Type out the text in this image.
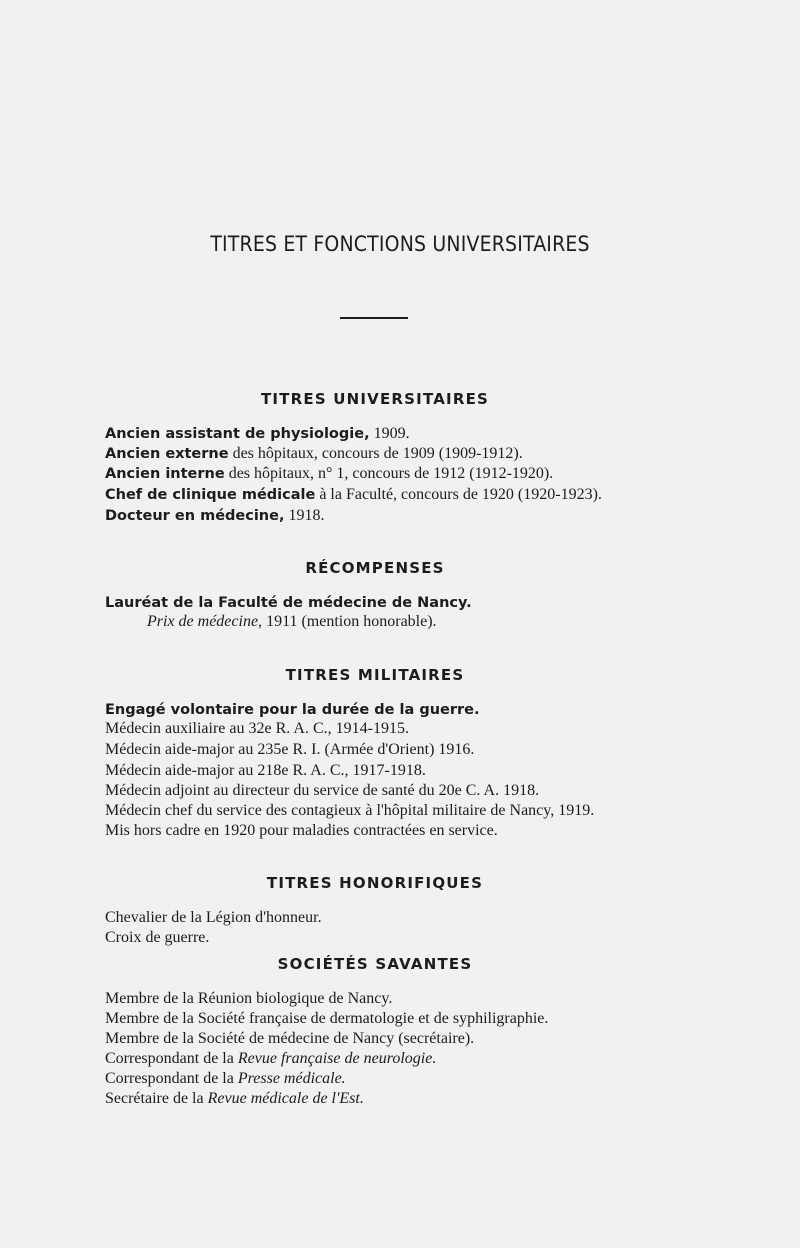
TITRES ET FONCTIONS UNIVERSITAIRES
TITRES UNIVERSITAIRES
Ancien assistant de physiologie, 1909.
Ancien externe des hôpitaux, concours de 1909 (1909-1912).
Ancien interne des hôpitaux, n° 1, concours de 1912 (1912-1920).
Chef de clinique médicale à la Faculté, concours de 1920 (1920-1923).
Docteur en médecine, 1918.
RÉCOMPENSES
Lauréat de la Faculté de médecine de Nancy.
Prix de médecine, 1911 (mention honorable).
TITRES MILITAIRES
Engagé volontaire pour la durée de la guerre.
Médecin auxiliaire au 32e R. A. C., 1914-1915.
Médecin aide-major au 235e R. I. (Armée d'Orient) 1916.
Médecin aide-major au 218e R. A. C., 1917-1918.
Médecin adjoint au directeur du service de santé du 20e C. A. 1918.
Médecin chef du service des contagieux à l'hôpital militaire de Nancy, 1919.
Mis hors cadre en 1920 pour maladies contractées en service.
TITRES HONORIFIQUES
Chevalier de la Légion d'honneur.
Croix de guerre.
SOCIÉTÉS SAVANTES
Membre de la Réunion biologique de Nancy.
Membre de la Société française de dermatologie et de syphiligraphie.
Membre de la Société de médecine de Nancy (secrétaire).
Correspondant de la Revue française de neurologie.
Correspondant de la Presse médicale.
Secrétaire de la Revue médicale de l'Est.
